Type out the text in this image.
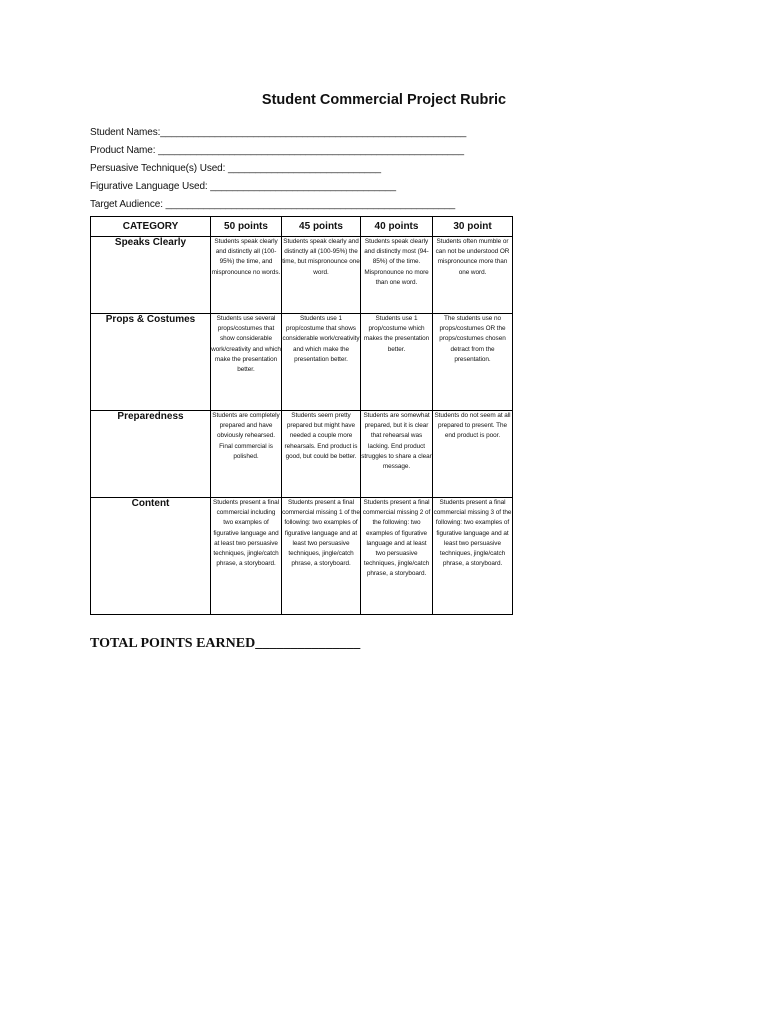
Student Commercial Project Rubric
Student Names:________________________________________________________
Product Name: ________________________________________________________
Persuasive Technique(s) Used: ____________________________
Figurative Language Used: __________________________________
Target Audience: _____________________________________________________
CATEGORY	50 points	45 points	40 points	30 point
Speaks Clearly	Students speak clearly and distinctly all (100-95%) the time, and mispronounce no words.	Students speak clearly and distinctly all (100-95%) the time, but mispronounce one word.	Students speak clearly and distinctly most (94-85%) of the time. Mispronounce no more than one word.	Students often mumble or can not be understood OR mispronounce more than one word.
Props & Costumes	Students use several props/costumes that show considerable work/creativity and which make the presentation better.	Students use 1 prop/costume that shows considerable work/creativity and which make the presentation better.	Students use 1 prop/costume which makes the presentation better.	The students use no props/costumes OR the props/costumes chosen detract from the presentation.
Preparedness	Students are completely prepared and have obviously rehearsed. Final commercial is polished.	Students seem pretty prepared but might have needed a couple more rehearsals. End product is good, but could be better.	Students are somewhat prepared, but it is clear that rehearsal was lacking. End product struggles to share a clear message.	Students do not seem at all prepared to present. The end product is poor.
Content	Students present a final commercial including two examples of figurative language and at least two persuasive techniques, jingle/catch phrase, a storyboard.	Students present a final commercial missing 1 of the following: two examples of figurative language and at least two persuasive techniques, jingle/catch phrase, a storyboard.	Students present a final commercial missing 2 of the following: two examples of figurative language and at least two persuasive techniques, jingle/catch phrase, a storyboard.	Students present a final commercial missing 3 of the following: two examples of figurative language and at least two persuasive techniques, jingle/catch phrase, a storyboard.
TOTAL POINTS EARNED_______________
